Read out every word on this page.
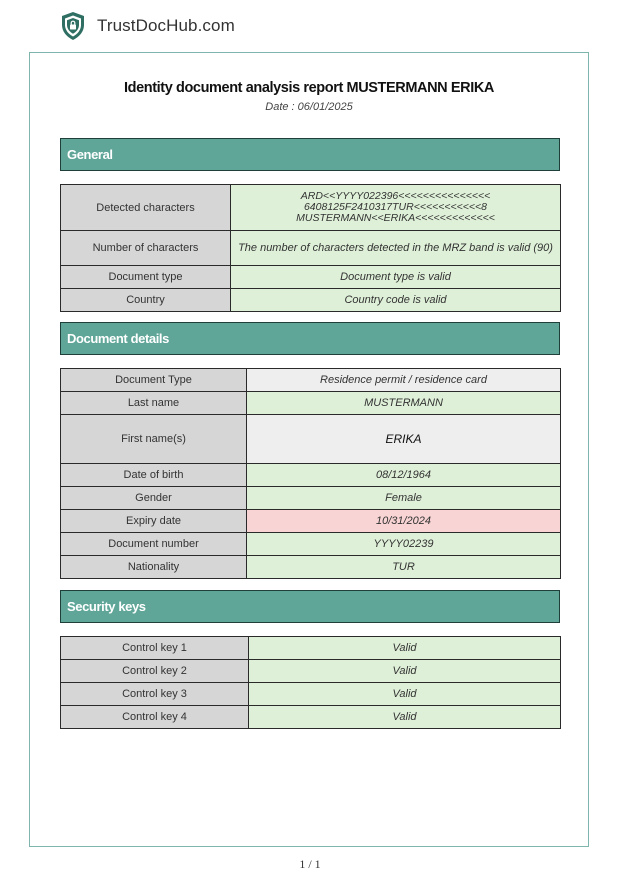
TrustDocHub.com
Identity document analysis report MUSTERMANN ERIKA
Date : 06/01/2025
General
Detected characters	ARD<<YYYY022396<<<<<<<<<<<<<<<
6408125F2410317TUR<<<<<<<<<<<8
MUSTERMANN<<ERIKA<<<<<<<<<<<<<

Number of characters	The number of characters detected in the MRZ band is valid (90)
Document type	Document type is valid
Country	Country code is valid
Document details
Document Type	Residence permit / residence card
Last name	MUSTERMANN
First name(s)	ERIKA
Date of birth	08/12/1964
Gender	Female
Expiry date	10/31/2024
Document number	YYYY02239
Nationality	TUR
Security keys
Control key 1	Valid
Control key 2	Valid
Control key 3	Valid
Control key 4	Valid
1 / 1
